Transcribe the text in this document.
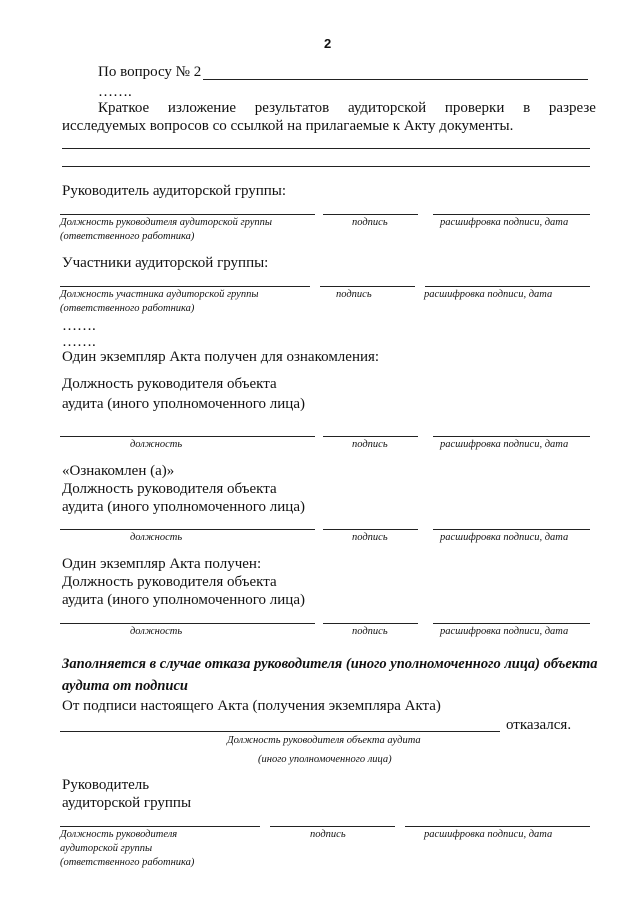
2
По вопросу № 2
…….
Краткое изложение результатов аудиторской проверки в разрезе
исследуемых вопросов со ссылкой на прилагаемые к Акту документы.
Руководитель аудиторской группы:
Должность руководителя аудиторской группы
(ответственного работника)
подпись	расшифровка подписи, дата
Участники аудиторской группы:
Должность участника аудиторской группы
(ответственного работника)
подпись	расшифровка подписи, дата
…….
…….
Один экземпляр Акта получен для ознакомления:
Должность руководителя объекта
аудита (иного уполномоченного лица)
должность	подпись	расшифровка подписи, дата
«Ознакомлен (а)»
Должность руководителя объекта
аудита (иного уполномоченного лица)
должность	подпись	расшифровка подписи, дата
Один экземпляр Акта получен:
Должность руководителя объекта
аудита (иного уполномоченного лица)
должность	подпись	расшифровка подписи, дата
Заполняется в случае отказа руководителя (иного уполномоченного лица) объекта
аудита от подписи
От подписи настоящего Акта (получения экземпляра Акта)
отказался.
Должность руководителя объекта аудита
(иного уполномоченного лица)
Руководитель
аудиторской группы
Должность руководителя
аудиторской группы
(ответственного работника)
подпись	расшифровка подписи, дата
